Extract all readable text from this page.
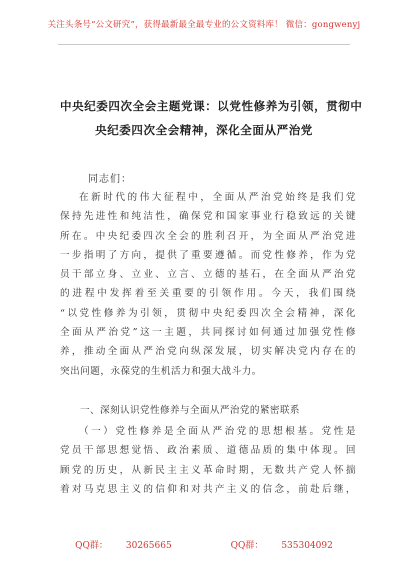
关注头条号“公文研究”，获得最新最全最专业的公文资料库！ 微信：gongwenyj
中央纪委四次全会主题党课：以党性修养为引领，贯彻中
央纪委四次全会精神，深化全面从严治党
同志们：
在新时代的伟大征程中，全面从严治党始终是我们党
保持先进性和纯洁性，确保党和国家事业行稳致远的关键
所在。中央纪委四次全会的胜利召开，为全面从严治党进
一步指明了方向，提供了重要遵循。而党性修养，作为党
员干部立身、立业、立言、立德的基石，在全面从严治党
的进程中发挥着至关重要的引领作用。今天，我们围绕
“以党性修养为引领，贯彻中央纪委四次全会精神，深化
全面从严治党”这一主题，共同探讨如何通过加强党性修
养，推动全面从严治党向纵深发展，切实解决党内存在的
突出问题，永葆党的生机活力和强大战斗力。
一、深刻认识党性修养与全面从严治党的紧密联系
（一）党性修养是全面从严治党的思想根基。党性是
党员干部思想觉悟、政治素质、道德品质的集中体现。回
顾党的历史，从新民主主义革命时期，无数共产党人怀揣
着对马克思主义的信仰和对共产主义的信念，前赴后继，
QQ群： 30265665	QQ群： 535304092
